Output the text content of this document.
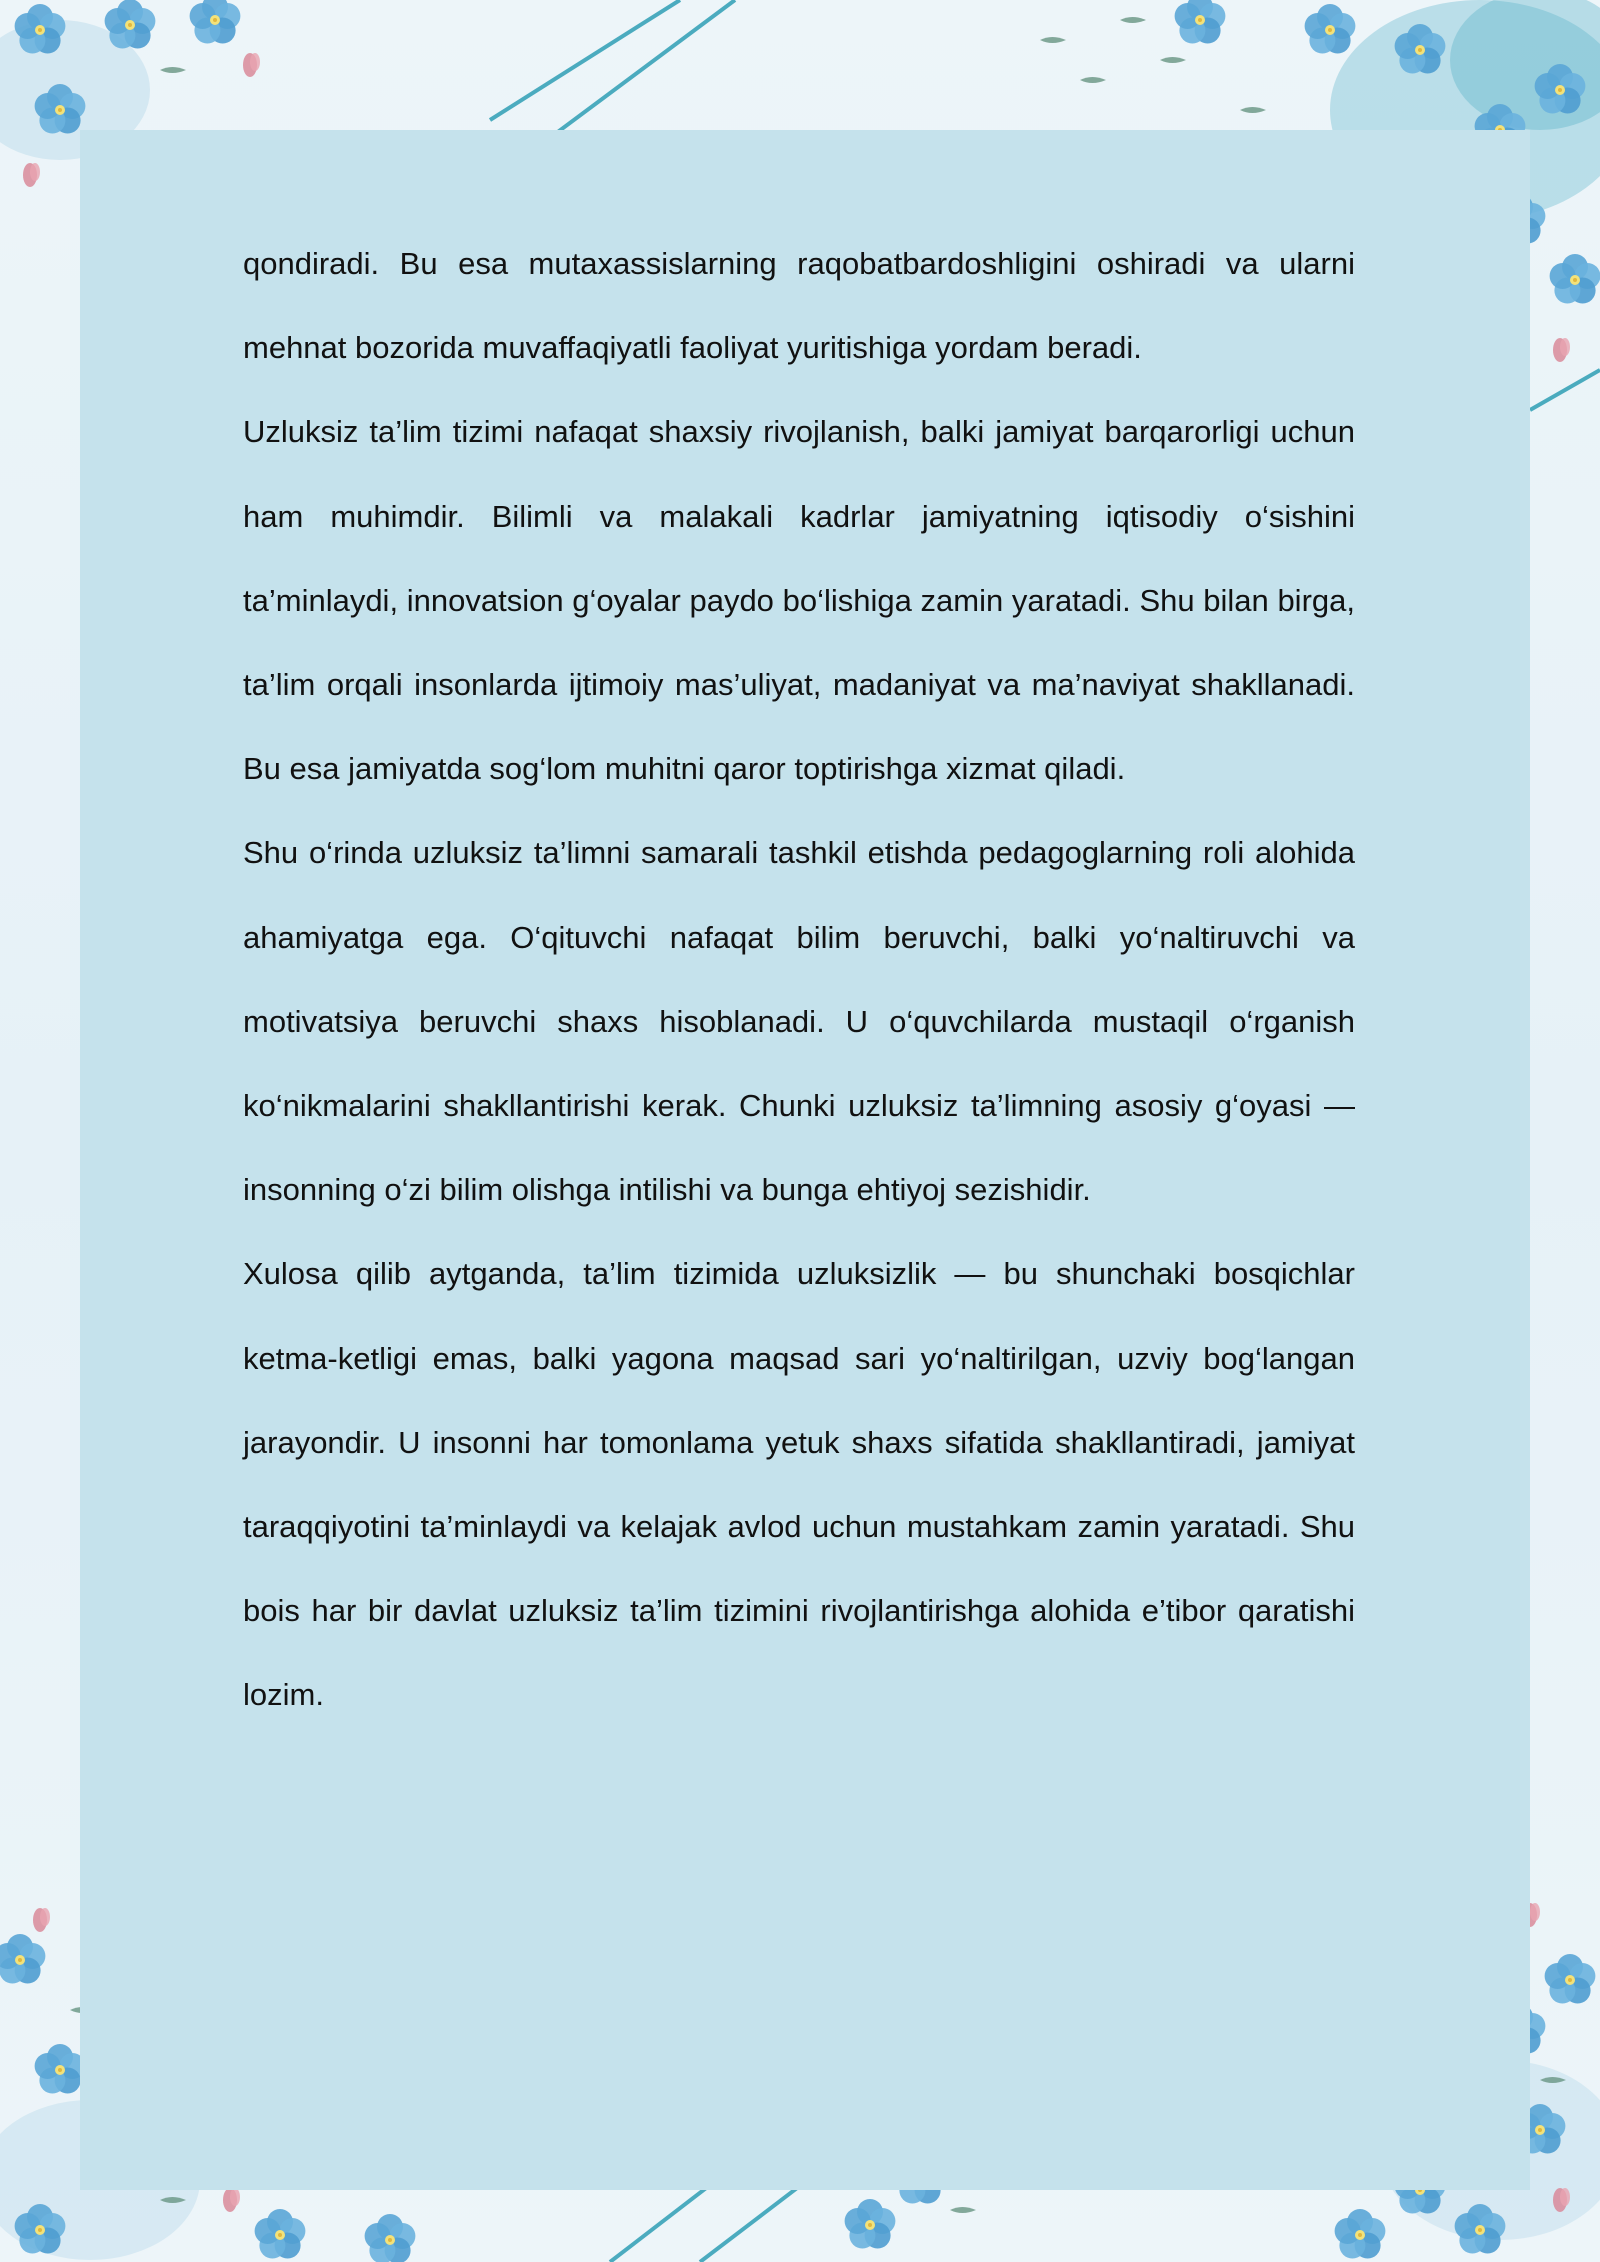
qondiradi. Bu esa mutaxassislarning raqobatbardoshligini oshiradi va ularni mehnat bozorida muvaffaqiyatli faoliyat yuritishiga yordam beradi.

Uzluksiz ta’lim tizimi nafaqat shaxsiy rivojlanish, balki jamiyat barqarorligi uchun ham muhimdir. Bilimli va malakali kadrlar jamiyatning iqtisodiy o‘sishini ta’minlaydi, innovatsion g‘oyalar paydo bo‘lishiga zamin yaratadi. Shu bilan birga, ta’lim orqali insonlarda ijtimoiy mas’uliyat, madaniyat va ma’naviyat shakllanadi. Bu esa jamiyatda sog‘lom muhitni qaror toptirishga xizmat qiladi.

Shu o‘rinda uzluksiz ta’limni samarali tashkil etishda pedagoglarning roli alohida ahamiyatga ega. O‘qituvchi nafaqat bilim beruvchi, balki yo‘naltiruvchi va motivatsiya beruvchi shaxs hisoblanadi. U o‘quvchilarda mustaqil o‘rganish ko‘nikmalarini shakllantirishi kerak. Chunki uzluksiz ta’limning asosiy g‘oyasi — insonning o‘zi bilim olishga intilishi va bunga ehtiyoj sezishidir.

Xulosa qilib aytganda, ta’lim tizimida uzluksizlik — bu shunchaki bosqichlar ketma-ketligi emas, balki yagona maqsad sari yo‘naltirilgan, uzviy bog‘langan jarayondir. U insonni har tomonlama yetuk shaxs sifatida shakllantiradi, jamiyat taraqqiyotini ta’minlaydi va kelajak avlod uchun mustahkam zamin yaratadi. Shu bois har bir davlat uzluksiz ta’lim tizimini rivojlantirishga alohida e’tibor qaratishi lozim.
